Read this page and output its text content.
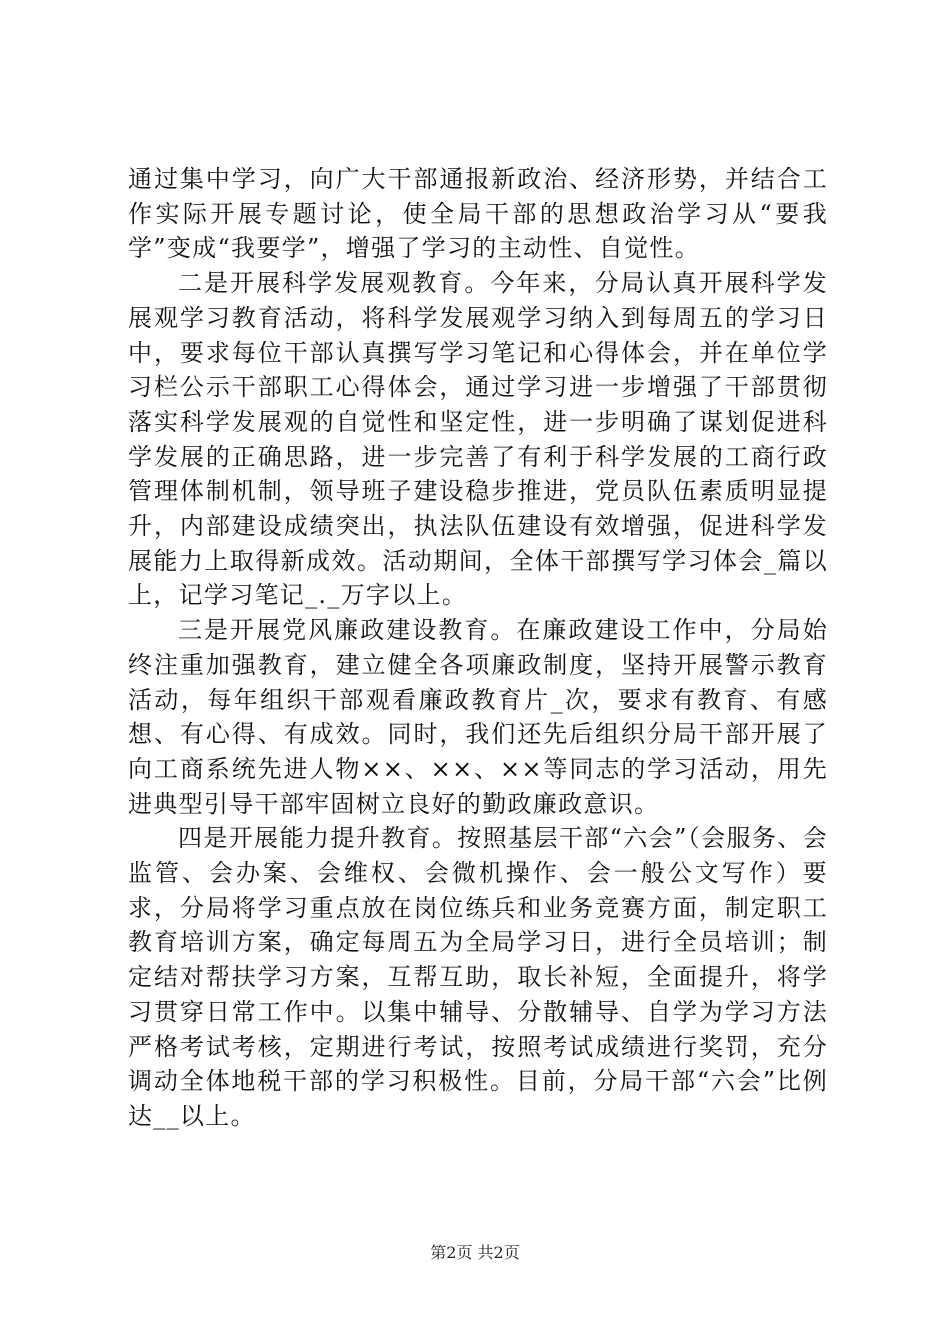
通过集中学习，向广大干部通报新政治、经济形势，并结合工作实际开展专题讨论，使全局干部的思想政治学习从“要我学”变成“我要学”，增强了学习的主动性、自觉性。

二是开展科学发展观教育。今年来，分局认真开展科学发展观学习教育活动，将科学发展观学习纳入到每周五的学习日中，要求每位干部认真撰写学习笔记和心得体会，并在单位学习栏公示干部职工心得体会，通过学习进一步增强了干部贯彻落实科学发展观的自觉性和坚定性，进一步明确了谋划促进科学发展的正确思路，进一步完善了有利于科学发展的工商行政管理体制机制，领导班子建设稳步推进，党员队伍素质明显提升，内部建设成绩突出，执法队伍建设有效增强，促进科学发展能力上取得新成效。活动期间，全体干部撰写学习体会_篇以上，记学习笔记_._万字以上。

三是开展党风廉政建设教育。在廉政建设工作中，分局始终注重加强教育，建立健全各项廉政制度，坚持开展警示教育活动，每年组织干部观看廉政教育片_次，要求有教育、有感想、有心得、有成效。同时，我们还先后组织分局干部开展了向工商系统先进人物××、××、××等同志的学习活动，用先进典型引导干部牢固树立良好的勤政廉政意识。

四是开展能力提升教育。按照基层干部“六会”（会服务、会监管、会办案、会维权、会微机操作、会一般公文写作）要求，分局将学习重点放在岗位练兵和业务竞赛方面，制定职工教育培训方案，确定每周五为全局学习日，进行全员培训；制定结对帮扶学习方案，互帮互助，取长补短，全面提升，将学习贯穿日常工作中。以集中辅导、分散辅导、自学为学习方法严格考试考核，定期进行考试，按照考试成绩进行奖罚，充分调动全体地税干部的学习积极性。目前，分局干部“六会”比例达__以上。

第2页 共2页
